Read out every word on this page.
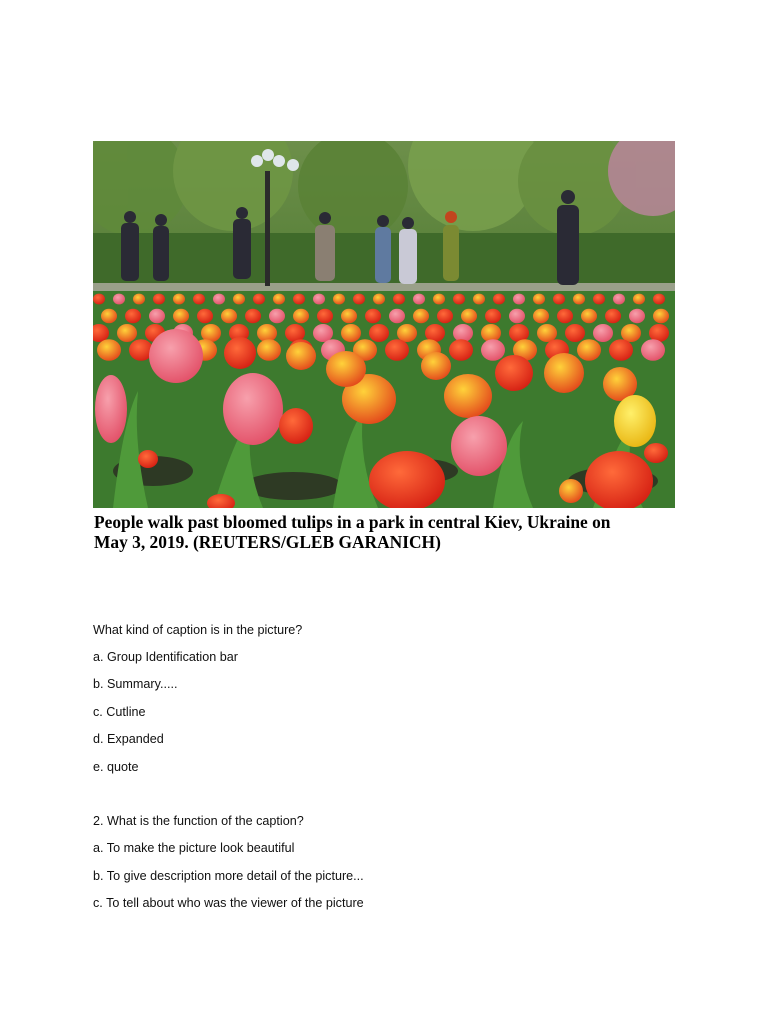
People walk past bloomed tulips in a park in central Kiev, Ukraine on
May 3, 2019. (REUTERS/GLEB GARANICH)
What kind of caption is in the picture?
a. Group Identification bar
b. Summary.....
c. Cutline
d. Expanded
e. quote
2. What is the function of the caption?
a. To make the picture look beautiful
b. To give description more detail of the picture...
c. To tell about who was the viewer of the picture
